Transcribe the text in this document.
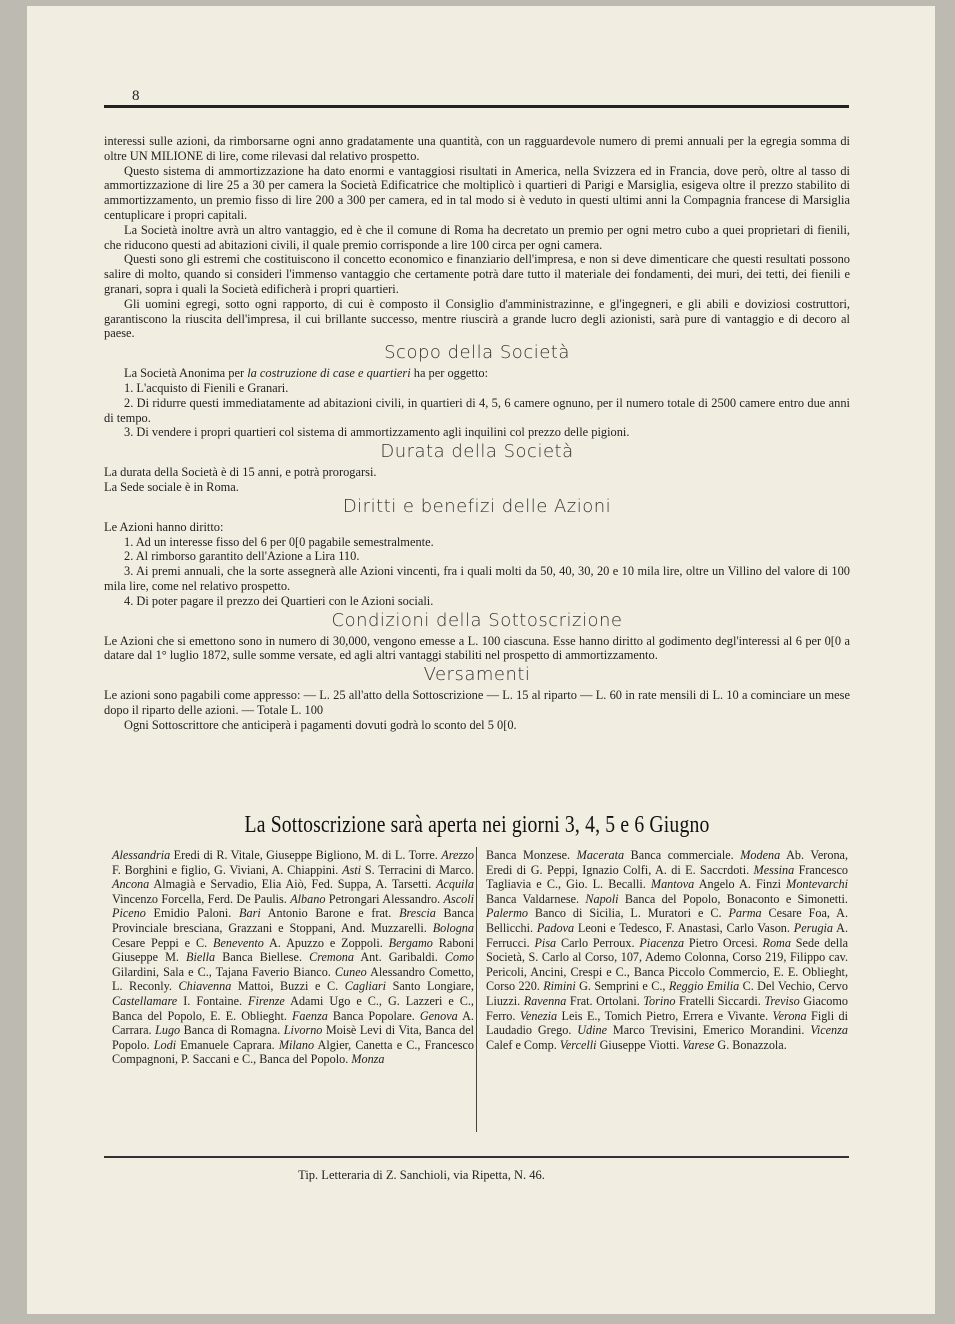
8

interessi sulle azioni, da rimborsarne ogni anno gradatamente una quantità, con un ragguardevole numero di premi annuali per la egregia somma di oltre UN MILIONE di lire, come rilevasi dal relativo prospetto.

Questo sistema di ammortizzazione ha dato enormi e vantaggiosi risultati in America, nella Svizzera ed in Francia, dove però, oltre al tasso di ammortizzazione di lire 25 a 30 per camera la Società Edificatrice che moltiplicò i quartieri di Parigi e Marsiglia, esigeva oltre il prezzo stabilito di ammortizzamento, un premio fisso di lire 200 a 300 per camera, ed in tal modo si è veduto in questi ultimi anni la Compagnia francese di Marsiglia centuplicare i propri capitali.

La Società inoltre avrà un altro vantaggio, ed è che il comune di Roma ha decretato un premio per ogni metro cubo a quei proprietari di fienili, che riducono questi ad abitazioni civili, il quale premio corrisponde a lire 100 circa per ogni camera.

Questi sono gli estremi che costituiscono il concetto economico e finanziario dell'impresa, e non si deve dimenticare che questi resultati possono salire di molto, quando si consideri l'immenso vantaggio che certamente potrà dare tutto il materiale dei fondamenti, dei muri, dei tetti, dei fienili e granari, sopra i quali la Società edificherà i propri quartieri.

Gli uomini egregi, sotto ogni rapporto, di cui è composto il Consiglio d'amministrazinne, e gl'ingegneri, e gli abili e doviziosi costruttori, garantiscono la riuscita dell'impresa, il cui brillante successo, mentre riuscirà a grande lucro degli azionisti, sarà pure di vantaggio e di decoro al paese.

Scopo della Società

La Società Anonima per la costruzione di case e quartieri ha per oggetto:

1. L'acquisto di Fienili e Granari.

2. Di ridurre questi immediatamente ad abitazioni civili, in quartieri di 4, 5, 6 camere ognuno, per il numero totale di 2500 camere entro due anni di tempo.

3. Di vendere i propri quartieri col sistema di ammortizzamento agli inquilini col prezzo delle pigioni.

Durata della Società

La durata della Società è di 15 anni, e potrà prorogarsi.

La Sede sociale è in Roma.

Diritti e benefizi delle Azioni

Le Azioni hanno diritto:

1. Ad un interesse fisso del 6 per 0[0 pagabile semestralmente.

2. Al rimborso garantito dell'Azione a Lira 110.

3. Ai premi annuali, che la sorte assegnerà alle Azioni vincenti, fra i quali molti da 50, 40, 30, 20 e 10 mila lire, oltre un Villino del valore di 100 mila lire, come nel relativo prospetto.

4. Di poter pagare il prezzo dei Quartieri con le Azioni sociali.

Condizioni della Sottoscrizione

Le Azioni che si emettono sono in numero di 30,000, vengono emesse a L. 100 ciascuna. Esse hanno diritto al godimento degl'interessi al 6 per 0[0 a datare dal 1° luglio 1872, sulle somme versate, ed agli altri vantaggi stabiliti nel prospetto di ammortizzamento.

Versamenti

Le azioni sono pagabili come appresso: — L. 25 all'atto della Sottoscrizione — L. 15 al riparto — L. 60 in rate mensili di L. 10 a cominciare un mese dopo il riparto delle azioni. — Totale L. 100

Ogni Sottoscrittore che anticiperà i pagamenti dovuti godrà lo sconto del 5 0[0.

La Sottoscrizione sarà aperta nei giorni 3, 4, 5 e 6 Giugno
Alessandria Eredi di R. Vitale, Giuseppe Bigliono, M. di L. Torre. Arezzo F. Borghini e figlio, G. Viviani, A. Chiappini. Asti S. Terracini di Marco. Ancona Almagià e Servadio, Elia Aiò, Fed. Suppa, A. Tarsetti. Acquila Vincenzo Forcella, Ferd. De Paulis. Albano Petrongari Alessandro. Ascoli Piceno Emidio Paloni. Bari Antonio Barone e frat. Brescia Banca Provinciale bresciana, Grazzani e Stoppani, And. Muzzarelli. Bologna Cesare Peppi e C. Benevento A. Apuzzo e Zoppoli. Bergamo Raboni Giuseppe M. Biella Banca Biellese. Cremona Ant. Garibaldi. Como Gilardini, Sala e C., Tajana Faverio Bianco. Cuneo Alessandro Cometto, L. Reconly. Chiavenna Mattoi, Buzzi e C. Cagliari Santo Longiare, Castellamare I. Fontaine. Firenze Adami Ugo e C., G. Lazzeri e C., Banca del Popolo, E. E. Oblieght. Faenza Banca Popolare. Genova A. Carrara. Lugo Banca di Romagna. Livorno Moisè Levi di Vita, Banca del Popolo. Lodi Emanuele Caprara. Milano Algier, Canetta e C., Francesco Compagnoni, P. Saccani e C., Banca del Popolo. Monza
Banca Monzese. Macerata Banca commerciale. Modena Ab. Verona, Eredi di G. Peppi, Ignazio Colfi, A. di E. Saccrdoti. Messina Francesco Tagliavia e C., Gio. L. Becalli. Mantova Angelo A. Finzi Montevarchi Banca Valdarnese. Napoli Banca del Popolo, Bonaconto e Simonetti. Palermo Banco di Sicilia, L. Muratori e C. Parma Cesare Foa, A. Bellicchi. Padova Leoni e Tedesco, F. Anastasi, Carlo Vason. Perugia A. Ferrucci. Pisa Carlo Perroux. Piacenza Pietro Orcesi. Roma Sede della Società, S. Carlo al Corso, 107, Ademo Colonna, Corso 219, Filippo cav. Pericoli, Ancini, Crespi e C., Banca Piccolo Commercio, E. E. Oblieght, Corso 220. Rimini G. Semprini e C., Reggio Emilia C. Del Vechio, Cervo Liuzzi. Ravenna Frat. Ortolani. Torino Fratelli Siccardi. Treviso Giacomo Ferro. Venezia Leis E., Tomich Pietro, Errera e Vivante. Verona Figli di Laudadio Grego. Udine Marco Trevisini, Emerico Morandini. Vicenza Calef e Comp. Vercelli Giuseppe Viotti. Varese G. Bonazzola.
Tip. Letteraria di Z. Sanchioli, via Ripetta, N. 46.
